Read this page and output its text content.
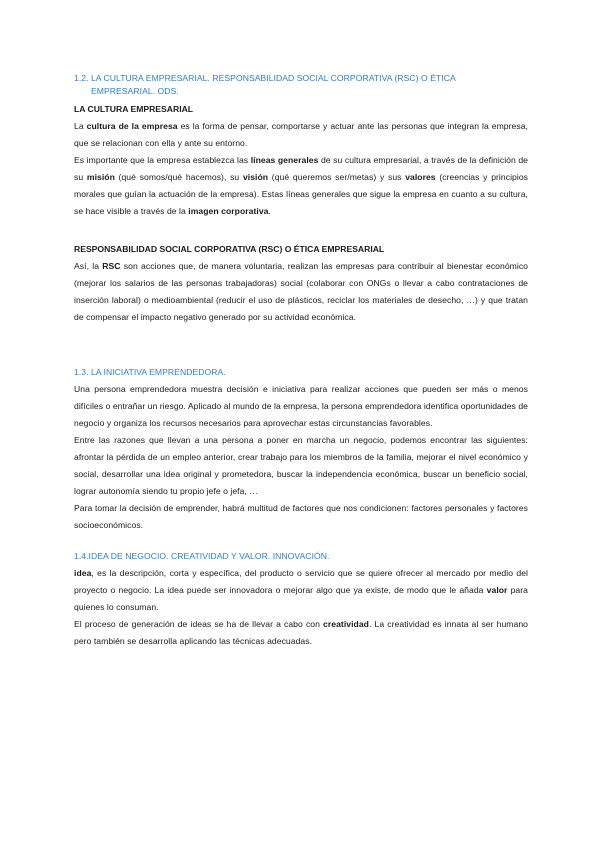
1.2. LA CULTURA EMPRESARIAL. RESPONSABILIDAD SOCIAL CORPORATIVA (RSC) O ÉTICA
EMPRESARIAL. ODS.
LA CULTURA EMPRESARIAL

La cultura de la empresa es la forma de pensar, comportarse y actuar ante las personas que integran la empresa, que se relacionan con ella y ante su entorno.

Es importante que la empresa establezca las líneas generales de su cultura empresarial, a través de la definición de su misión (qué somos/qué hacemos), su visión (qué queremos ser/metas) y sus valores (creencias y principios morales que guían la actuación de la empresa). Estas líneas generales que sigue la empresa en cuanto a su cultura, se hace visible a través de la imagen corporativa.

RESPONSABILIDAD SOCIAL CORPORATIVA (RSC) O ÉTICA EMPRESARIAL

Así, la RSC son acciones que, de manera voluntaria, realizan las empresas para contribuir al bienestar económico (mejorar los salarios de las personas trabajadoras) social (colaborar con ONGs o llevar a cabo contrataciones de inserción laboral) o medioambiental (reducir el uso de plásticos, reciclar los materiales de desecho, …) y que tratan de compensar el impacto negativo generado por su actividad económica.

1.3. LA INICIATIVA EMPRENDEDORA.

Una persona emprendedora muestra decisión e iniciativa para realizar acciones que pueden ser más o menos difíciles o entrañar un riesgo. Aplicado al mundo de la empresa, la persona emprendedora identifica oportunidades de negocio y organiza los recursos necesarios para aprovechar estas circunstancias favorables.

Entre las razones que llevan a una persona a poner en marcha un negocio, podemos encontrar las siguientes: afrontar la pérdida de un empleo anterior, crear trabajo para los miembros de la familia, mejorar el nivel económico y social, desarrollar una idea original y prometedora, buscar la independencia económica, buscar un beneficio social, lograr autonomía siendo tu propio jefe o jefa, …

Para tomar la decisión de emprender, habrá multitud de factores que nos condicionen: factores personales y factores socioeconómicos.

1.4.IDEA DE NEGOCIO. CREATIVIDAD Y VALOR. INNOVACIÓN.

idea, es la descripción, corta y específica, del producto o servicio que se quiere ofrecer al mercado por medio del proyecto o negocio. La idea puede ser innovadora o mejorar algo que ya existe, de modo que le añada valor para quienes lo consuman.

El proceso de generación de ideas se ha de llevar a cabo con creatividad. La creatividad es innata al ser humano pero también se desarrolla aplicando las técnicas adecuadas.
